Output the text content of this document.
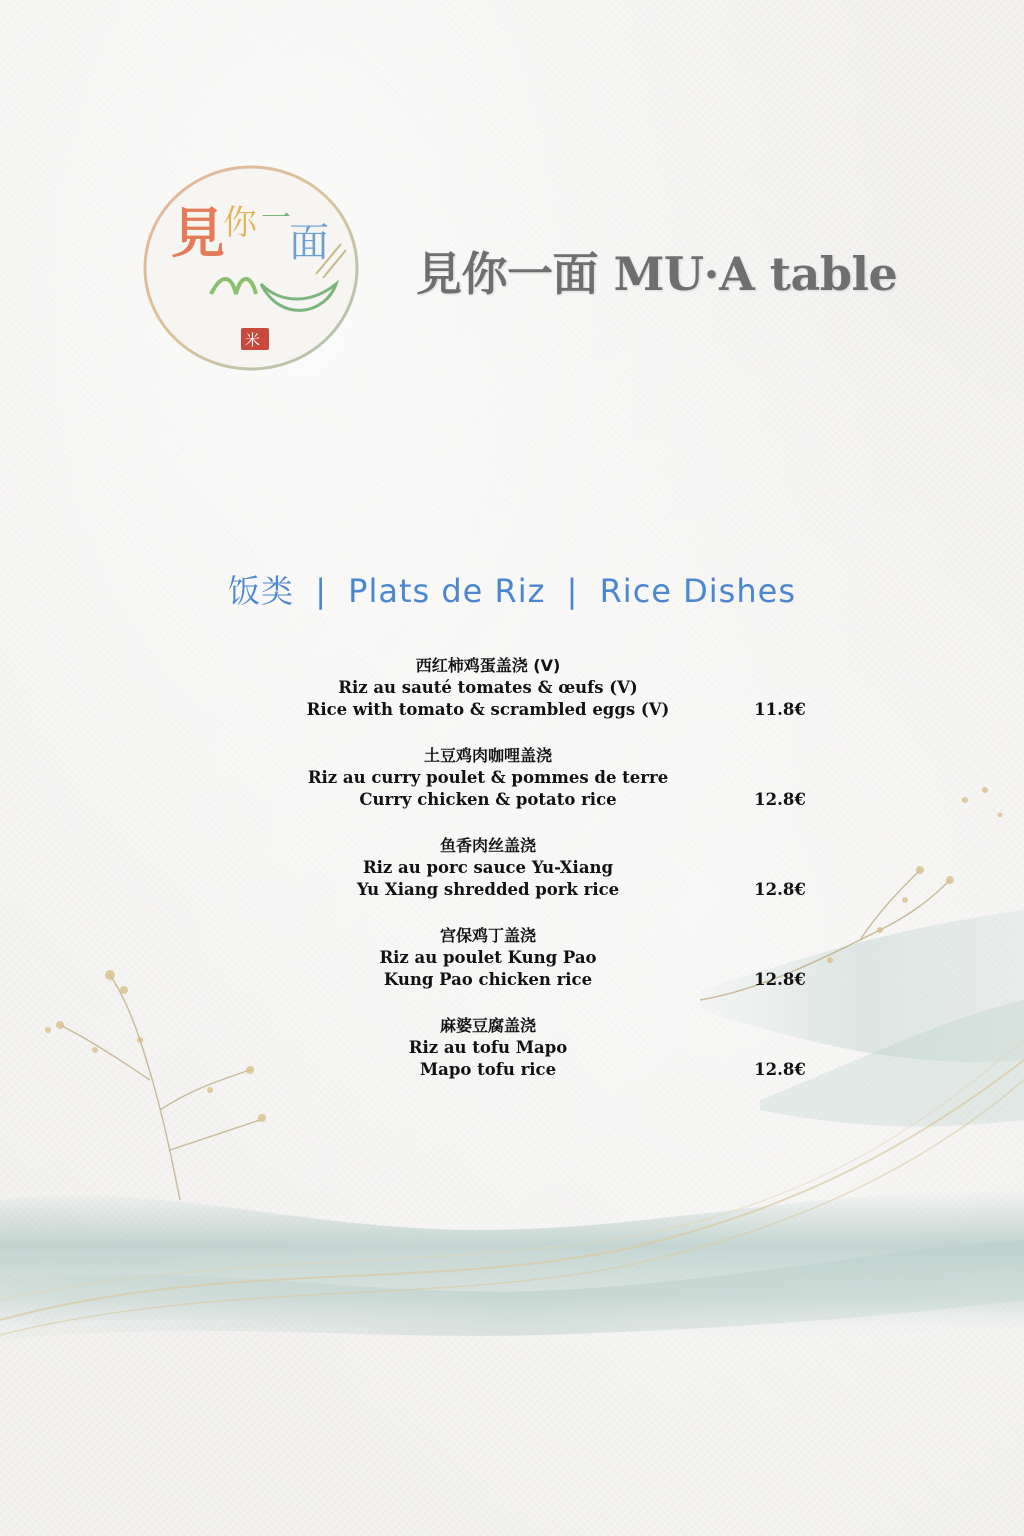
見
你 一
面
米
見你一面 MU·A table
饭类 | Plats de Riz | Rice Dishes
西红柿鸡蛋盖浇 (V)
Riz au sauté tomates & œufs (V)
Rice with tomato & scrambled eggs (V)	11.8€
土豆鸡肉咖哩盖浇
Riz au curry poulet & pommes de terre
Curry chicken & potato rice	12.8€
鱼香肉丝盖浇
Riz au porc sauce Yu-Xiang
Yu Xiang shredded pork rice	12.8€
宫保鸡丁盖浇
Riz au poulet Kung Pao
Kung Pao chicken rice	12.8€
麻婆豆腐盖浇
Riz au tofu Mapo
Mapo tofu rice	12.8€
